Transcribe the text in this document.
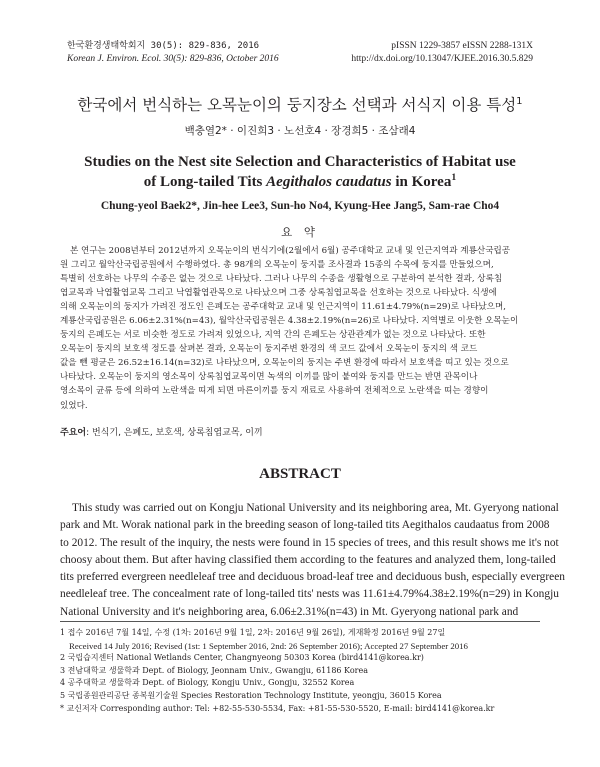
한국환경생태학회지 30(5): 829-836, 2016
Korean J. Environ. Ecol. 30(5): 829-836, October 2016
pISSN 1229-3857 eISSN 2288-131X
http://dx.doi.org/10.13047/KJEE.2016.30.5.829
한국에서 번식하는 오목눈이의 둥지장소 선택과 서식지 이용 특성$^1$
백충열2* · 이진희3 · 노선호4 · 장경희5 · 조삼래4
Studies on the Nest site Selection and Characteristics of Habitat use
of Long-tailed Tits Aegithalos caudatus in Korea$^1$
Chung-yeol Baek2*, Jin-hee Lee3, Sun-ho No4, Kyung-Hee Jang5, Sam-rae Cho4
요 약
본 연구는 2008년부터 2012년까지 오목눈이의 번식기에(2월에서 6월) 공주대학교 교내 및 인근지역과 계룡산국립공
원 그리고 월악산국립공원에서 수행하였다. 총 98개의 오목눈이 둥지를 조사결과 15종의 수목에 둥지를 만들었으며,
특별히 선호하는 나무의 수종은 없는 것으로 나타났다. 그러나 나무의 수종을 생활형으로 구분하여 분석한 결과, 상록침
엽교목과 낙엽활엽교목 그리고 낙엽활엽관목으로 나타났으며 그중 상록침엽교목을 선호하는 것으로 나타났다. 식생에
의해 오목눈이의 둥지가 가려진 정도인 은폐도는 공주대학교 교내 및 인근지역이 11.61±4.79%(n=29)로 나타났으며,
계룡산국립공원은 6.06±2.31%(n=43), 월악산국립공원은 4.38±2.19%(n=26)로 나타났다. 지역별로 이웃한 오목눈이
둥지의 은폐도는 서로 비슷한 정도로 가려져 있었으나, 지역 간의 은폐도는 상관관계가 없는 것으로 나타났다. 또한
오목눈이 둥지의 보호색 정도를 살펴본 결과, 오목눈이 둥지주변 환경의 색 코드 값에서 오목눈이 둥지의 색 코드
값을 뺀 평균은 26.52±16.14(n=32)로 나타났으며, 오목눈이의 둥지는 주변 환경에 따라서 보호색을 띠고 있는 것으로
나타났다. 오목눈이 둥지의 영소목이 상록침엽교목이면 녹색의 이끼를 많이 붙여와 둥지를 만드는 반면 관목이나
영소목이 균류 등에 의하여 노란색을 띠게 되면 마른이끼를 둥지 재료로 사용하여 전체적으로 노란색을 띠는 경향이
있었다.
주요어: 번식기, 은폐도, 보호색, 상록침엽교목, 이끼
ABSTRACT
This study was carried out on Kongju National University and its neighboring area, Mt. Gyeryong national
park and Mt. Worak national park in the breeding season of long-tailed tits Aegithalos caudaatus from 2008
to 2012. The result of the inquiry, the nests were found in 15 species of trees, and this result shows me it's not
choosy about them. But after having classified them according to the features and analyzed them, long-tailed
tits preferred evergreen needleleaf tree and deciduous broad-leaf tree and deciduous bush, especially evergreen
needleleaf tree. The concealment rate of long-tailed tits' nests was 11.61±4.79%4.38±2.19%(n=29) in Kongju
National University and it's neighboring area, 6.06±2.31%(n=43) in Mt. Gyeryong national park and
1 접수 2016년 7월 14일, 수정 (1차: 2016년 9월 1일, 2차: 2016년 9월 26일), 게재확정 2016년 9월 27일
Received 14 July 2016; Revised (1st: 1 September 2016, 2nd: 26 September 2016); Accepted 27 September 2016
2 국립습지센터 National Wetlands Center, Changnyeong 50303 Korea (bird4141@korea.kr)
3 전남대학교 생물학과 Dept. of Biology, Jeonnam Univ., Gwangju, 61186 Korea
4 공주대학교 생물학과 Dept. of Biology, Kongju Univ., Gongju, 32552 Korea
5 국립종원관리공단 종복원기술원 Species Restoration Technology Institute, yeongju, 36015 Korea
* 교신저자 Corresponding author: Tel: +82-55-530-5534, Fax: +81-55-530-5520, E-mail: bird4141@korea.kr
